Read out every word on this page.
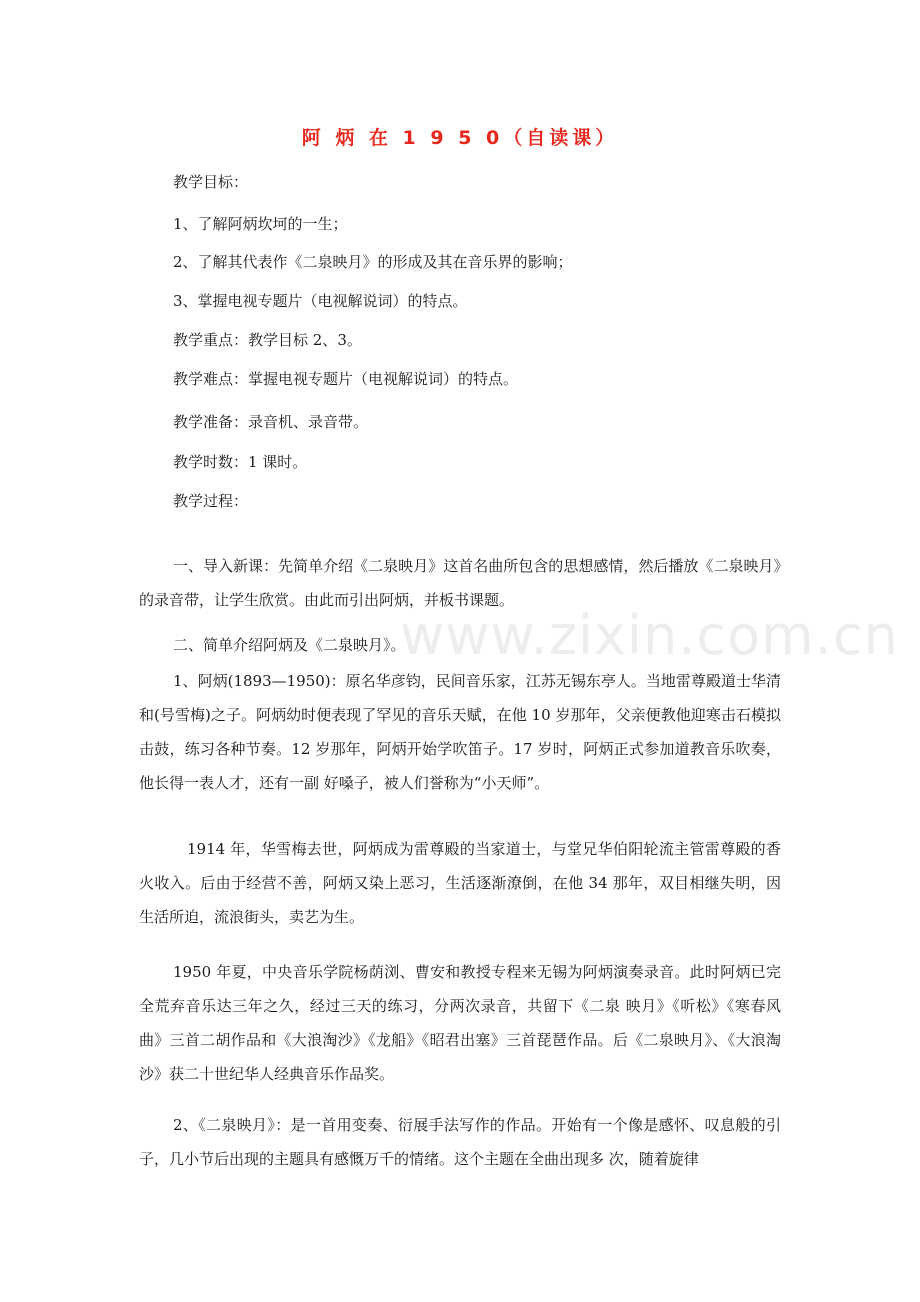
www.zixin.com.cn
阿 炳 在 1 9 5 0（自读课）
教学目标：
1、了解阿炳坎坷的一生；
2、了解其代表作《二泉映月》的形成及其在音乐界的影响；
3、掌握电视专题片（电视解说词）的特点。
教学重点：教学目标 2、3。
教学难点：掌握电视专题片（电视解说词）的特点。
教学准备：录音机、录音带。
教学时数：1 课时。
教学过程：
一、导入新课：先简单介绍《二泉映月》这首名曲所包含的思想感情，然后播放《二泉映月》的录音带，让学生欣赏。由此而引出阿炳，并板书课题。
二、简单介绍阿炳及《二泉映月》。
1、阿炳(1893—1950)：原名华彦钧，民间音乐家，江苏无锡东亭人。当地雷尊殿道士华清和(号雪梅)之子。阿炳幼时便表现了罕见的音乐天赋，在他 10 岁那年，父亲便教他迎寒击石模拟击鼓，练习各种节奏。12 岁那年，阿炳开始学吹笛子。17 岁时，阿炳正式参加道教音乐吹奏，他长得一表人才，还有一副 好嗓子，被人们誉称为“小天师”。
1914 年，华雪梅去世，阿炳成为雷尊殿的当家道士，与堂兄华伯阳轮流主管雷尊殿的香火收入。后由于经营不善，阿炳又染上恶习，生活逐渐潦倒，在他 34 那年，双目相继失明，因生活所迫，流浪街头，卖艺为生。
1950 年夏，中央音乐学院杨荫浏、曹安和教授专程来无锡为阿炳演奏录音。此时阿炳已完全荒弃音乐达三年之久，经过三天的练习，分两次录音，共留下《二泉 映月》《听松》《寒春风曲》三首二胡作品和《大浪淘沙》《龙船》《昭君出塞》三首琵琶作品。后《二泉映月》、《大浪淘沙》获二十世纪华人经典音乐作品奖。
2、《二泉映月》：是一首用变奏、衍展手法写作的作品。开始有一个像是感怀、叹息般的引子，几小节后出现的主题具有感慨万千的情绪。这个主题在全曲出现多 次，随着旋律
